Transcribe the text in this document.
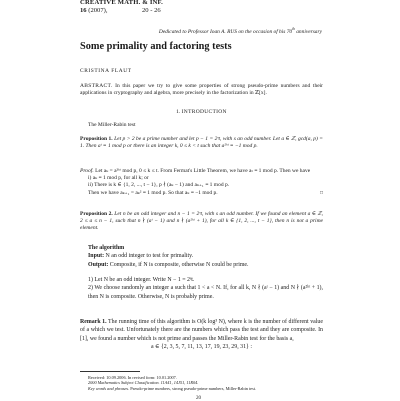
CREATIVE MATH. & INF.
16 (2007),	20 - 26
Dedicated to Professor Ioan A. RUS on the occasion of his 70th anniversary
Some primality and factoring tests
CRISTINA FLAUT
ABSTRACT. In this paper we try to give some properties of strong pseudo-prime numbers and their applications in cryptography and algebra, more precisely in the factorization in ℤ[x].
1. INTRODUCTION
The Miller-Rabin test
Proposition 1. Let p > 2 be a prime number and let p − 1 = 2ˢt, with s an odd number. Let a ∈ ℤ, gcd(a, p) = 1. Then aᵗ ≡ 1 mod p or there is an integer k, 0 ≤ k < t such that a²ᵏᵗ ≡ −1 mod p.
Proof. Let aₖ = a²ᵏᵗ mod p, 0 ≤ k ≤ t. From Fermat's Little Theorem, we have aₜ ≡ 1 mod p. Then we have
i) aₖ ≡ 1 mod p, for all k; or
ii) There is k ∈ {1, 2, ..., t − 1}, p ∤ (aₖ − 1) and aₖ₊₁ ≡ 1 mod p.
Then we have aₖ₊₁ = aₖ² ≡ 1 mod p. So that aₖ ≡ −1 mod p.	□
Proposition 2. Let n be an odd integer and n − 1 = 2ˢt, with s an odd number. If we found an element a ∈ ℤ, 2 ≤ a ≤ n − 1, such that n ∤ (aᵗ − 1) and n ∤ (a²ᵏᵗ + 1), for all k ∈ {1, 2, ..., t − 1}, then n is not a prime element.
The algorithm
Input: N an odd integer to test for primality.
Output: Composite, if N is composite, otherwise N could be prime.
1) Let N be an odd integer. Write N − 1 = 2ˢt.
2) We choose randomly an integer a such that 1 < a < N. If, for all k, N ∤ (aᵗ − 1) and N ∤ (a²ᵏᵗ + 1), then N is composite. Otherwise, N is probably prime.
Remark 1. The running time of this algorithm is O(k log³ N), where k is the number of different value of a which we test. Unfortunately there are the numbers which pass the test and they are composite. In [1], we found a number which is not prime and passes the Miller-Rabin test for the basis a,
a ∈ {2, 3, 5, 7, 11, 13, 17, 19, 23, 29, 31} :
Received: 10.09.2006. In revised form: 10.01.2007.
2000 Mathematics Subject Classification. 11A41, 14J51, 11R04.
Key words and phrases. Pseudo-prime numbers, strong pseudo-prime numbers, Miller-Rabin test.
20
